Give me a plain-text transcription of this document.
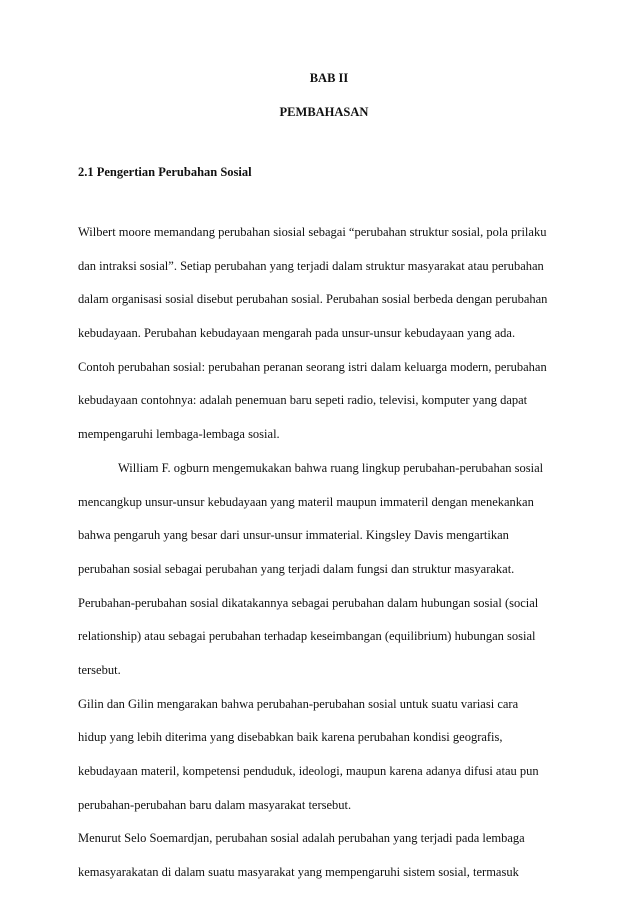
BAB II
PEMBAHASAN
2.1 Pengertian Perubahan Sosial
Wilbert moore memandang perubahan siosial sebagai “perubahan struktur sosial, pola prilaku
dan intraksi sosial”. Setiap perubahan yang terjadi dalam struktur masyarakat atau perubahan
dalam organisasi sosial disebut perubahan sosial. Perubahan sosial berbeda dengan perubahan
kebudayaan. Perubahan kebudayaan mengarah pada unsur-unsur kebudayaan yang ada.
Contoh perubahan sosial: perubahan peranan seorang istri dalam keluarga modern, perubahan
kebudayaan contohnya: adalah penemuan baru sepeti radio, televisi, komputer yang dapat
mempengaruhi lembaga-lembaga sosial.
William F. ogburn mengemukakan bahwa ruang lingkup perubahan-perubahan sosial
mencangkup unsur-unsur kebudayaan yang materil maupun immateril dengan menekankan
bahwa pengaruh yang besar dari unsur-unsur immaterial. Kingsley Davis mengartikan
perubahan sosial sebagai perubahan yang terjadi dalam fungsi dan struktur masyarakat.
Perubahan-perubahan sosial dikatakannya sebagai perubahan dalam hubungan sosial (social
relationship) atau sebagai perubahan terhadap keseimbangan (equilibrium) hubungan sosial
tersebut.
Gilin dan Gilin mengarakan bahwa perubahan-perubahan sosial untuk suatu variasi cara
hidup yang lebih diterima yang disebabkan baik karena perubahan kondisi geografis,
kebudayaan materil, kompetensi penduduk, ideologi, maupun karena adanya difusi atau pun
perubahan-perubahan baru dalam masyarakat tersebut.
Menurut Selo Soemardjan, perubahan sosial adalah perubahan yang terjadi pada lembaga
kemasyarakatan di dalam suatu masyarakat yang mempengaruhi sistem sosial, termasuk
